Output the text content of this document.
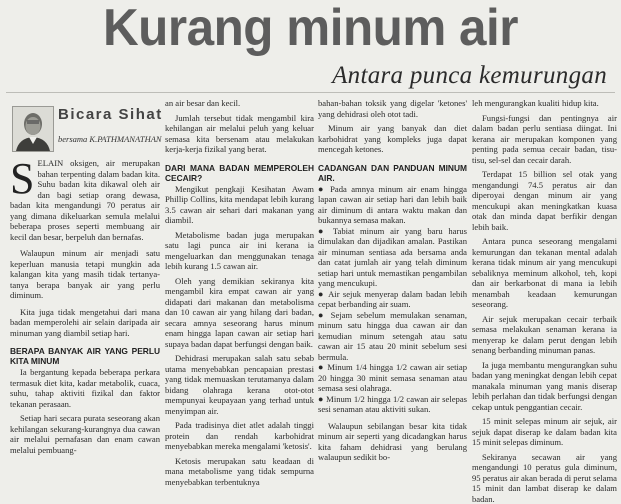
Kurang minum air
Antara punca kemurungan
Bicara Sihat
bersama K.PATHMANATHAN

SELAIN oksigen, air merupakan bahan terpenting dalam badan kita. Suhu badan kita dikawal oleh air dan bagi setiap orang dewasa, badan kita mengandungi 70 peratus air yang dimana dikeluarkan semula melalui beberapa proses seperti membuang air kecil dan besar, berpeluh dan bernafas.

Walaupun minum air menjadi satu keperluan manusia tetapi mungkin ada kalangan kita yang masih tidak tertanya-tanya berapa banyak air yang perlu diminum.

Kita juga tidak mengetahui dari mana badan memperolehi air selain daripada air minuman yang diambil setiap hari.

BERAPA BANYAK AIR YANG PERLU KITA MINUM

Ia bergantung kepada beberapa perkara termasuk diet kita, kadar metabolik, cuaca, suhu, tahap aktiviti fizikal dan faktor tekanan perasaan.

Setiap hari secara purata seseorang akan kehilangan sekurang-kurangnya dua cawan air melalui pernafasan dan enam cawan melalui pembuang-

an air besar dan kecil.

Jumlah tersebut tidak mengambil kira kehilangan air melalui peluh yang keluar semasa kita bersenam atau melakukan kerja-kerja fizikal yang berat.

DARI MANA BADAN MEMPEROLEH CECAIR?

Mengikut pengkaji Kesihatan Awam Phillip Collins, kita mendapat lebih kurang 3.5 cawan air sehari dari makanan yang diambil.

Metabolisme badan juga merupakan satu lagi punca air ini kerana ia mengeluarkan dan menggunakan tenaga lebih kurang 1.5 cawan air.

Oleh yang demikian sekiranya kita mengambil kira empat cawan air yang didapati dari makanan dan metabolisma dan 10 cawan air yang hilang dari badan, secara amnya seseorang harus minum enam hingga lapan cawan air setiap hari supaya badan dapat berfungsi dengan baik.

Dehidrasi merupakan salah satu sebab utama menyebabkan pencapaian prestasi yang tidak memuaskan terutamanya dalam bidang olahraga kerana otot-otot mempunyai keupayaan yang terhad untuk menyimpan air.

Pada tradisinya diet atlet adalah tinggi protein dan rendah karbohidrat menyebabkan mereka mengalami 'ketosis'.

Ketosis merupakan satu keadaan di mana metabolisme yang tidak sempurna menyebabkan terbentuknya

bahan-bahan toksik yang digelar 'ketones' yang dehidrasi oleh otot tadi.

Minum air yang banyak dan diet karbohidrat yang kompleks juga dapat mencegah ketones.

CADANGAN DAN PANDUAN MINUM AIR.

● Pada amnya minum air enam hingga lapan cawan air setiap hari dan lebih baik air diminum di antara waktu makan dan bukannya semasa makan.

● Tabiat minum air yang baru harus dimulakan dan dijadikan amalan. Pastikan air minuman sentiasa ada bersama anda dan catat jumlah air yang telah diminum setiap hari untuk memastikan pengambilan yang mencukupi.

● Air sejuk menyerap dalam badan lebih cepat berbanding air suam.

● Sejam sebelum memulakan senaman, minum satu hingga dua cawan air dan kemudian minum setengah atau satu cawan air 15 atau 20 minit sebelum sesi bermula.

● Minum 1/4 hingga 1/2 cawan air setiap 20 hingga 30 minit semasa senaman atau semasa sesi olahraga.

● Minum 1/2 hingga 1/2 cawan air selepas sesi senaman atau aktiviti sukan.

Walaupun sebilangan besar kita tidak minum air seperti yang dicadangkan harus kita faham dehidrasi yang berulang walaupun sedikit bo-

leh mengurangkan kualiti hidup kita.

Fungsi-fungsi dan pentingnya air dalam badan perlu sentiasa diingat. Ini kerana air merupakan komponen yang penting pada semua cecair badan, tisu-tisu, sel-sel dan cecair darah.

Terdapat 15 billion sel otak yang mengandungi 74.5 peratus air dan diperoyai dengan minum air yang mencukupi akan meningkatkan kuasa otak dan minda dapat berfikir dengan lebih baik.

Antara punca seseorang mengalami kemurungan dan tekanan mental adalah kerana tidak minum air yang mencukupi sebaliknya meminum alkohol, teh, kopi dan air berkarbonat di mana ia lebih menambah keadaan kemurungan seseorang.

Air sejuk merupakan cecair terbaik semasa melakukan senaman kerana ia menyerap ke dalam perut dengan lebih senang berbanding minuman panas.

Ia juga membantu mengurangkan suhu badan yang meningkat dengan lebih cepat manakala minuman yang manis diserap lebih perlahan dan tidak berfungsi dengan cekap untuk penggantian cecair.

15 minit selepas minum air sejuk, air sejuk dapat diserap ke dalam badan kita 15 minit selepas diminum.

Sekiranya secawan air yang mengandungi 10 peratus gula diminum, 95 peratus air akan berada di perut selama 15 minit dan lambat diserap ke dalam badan.
